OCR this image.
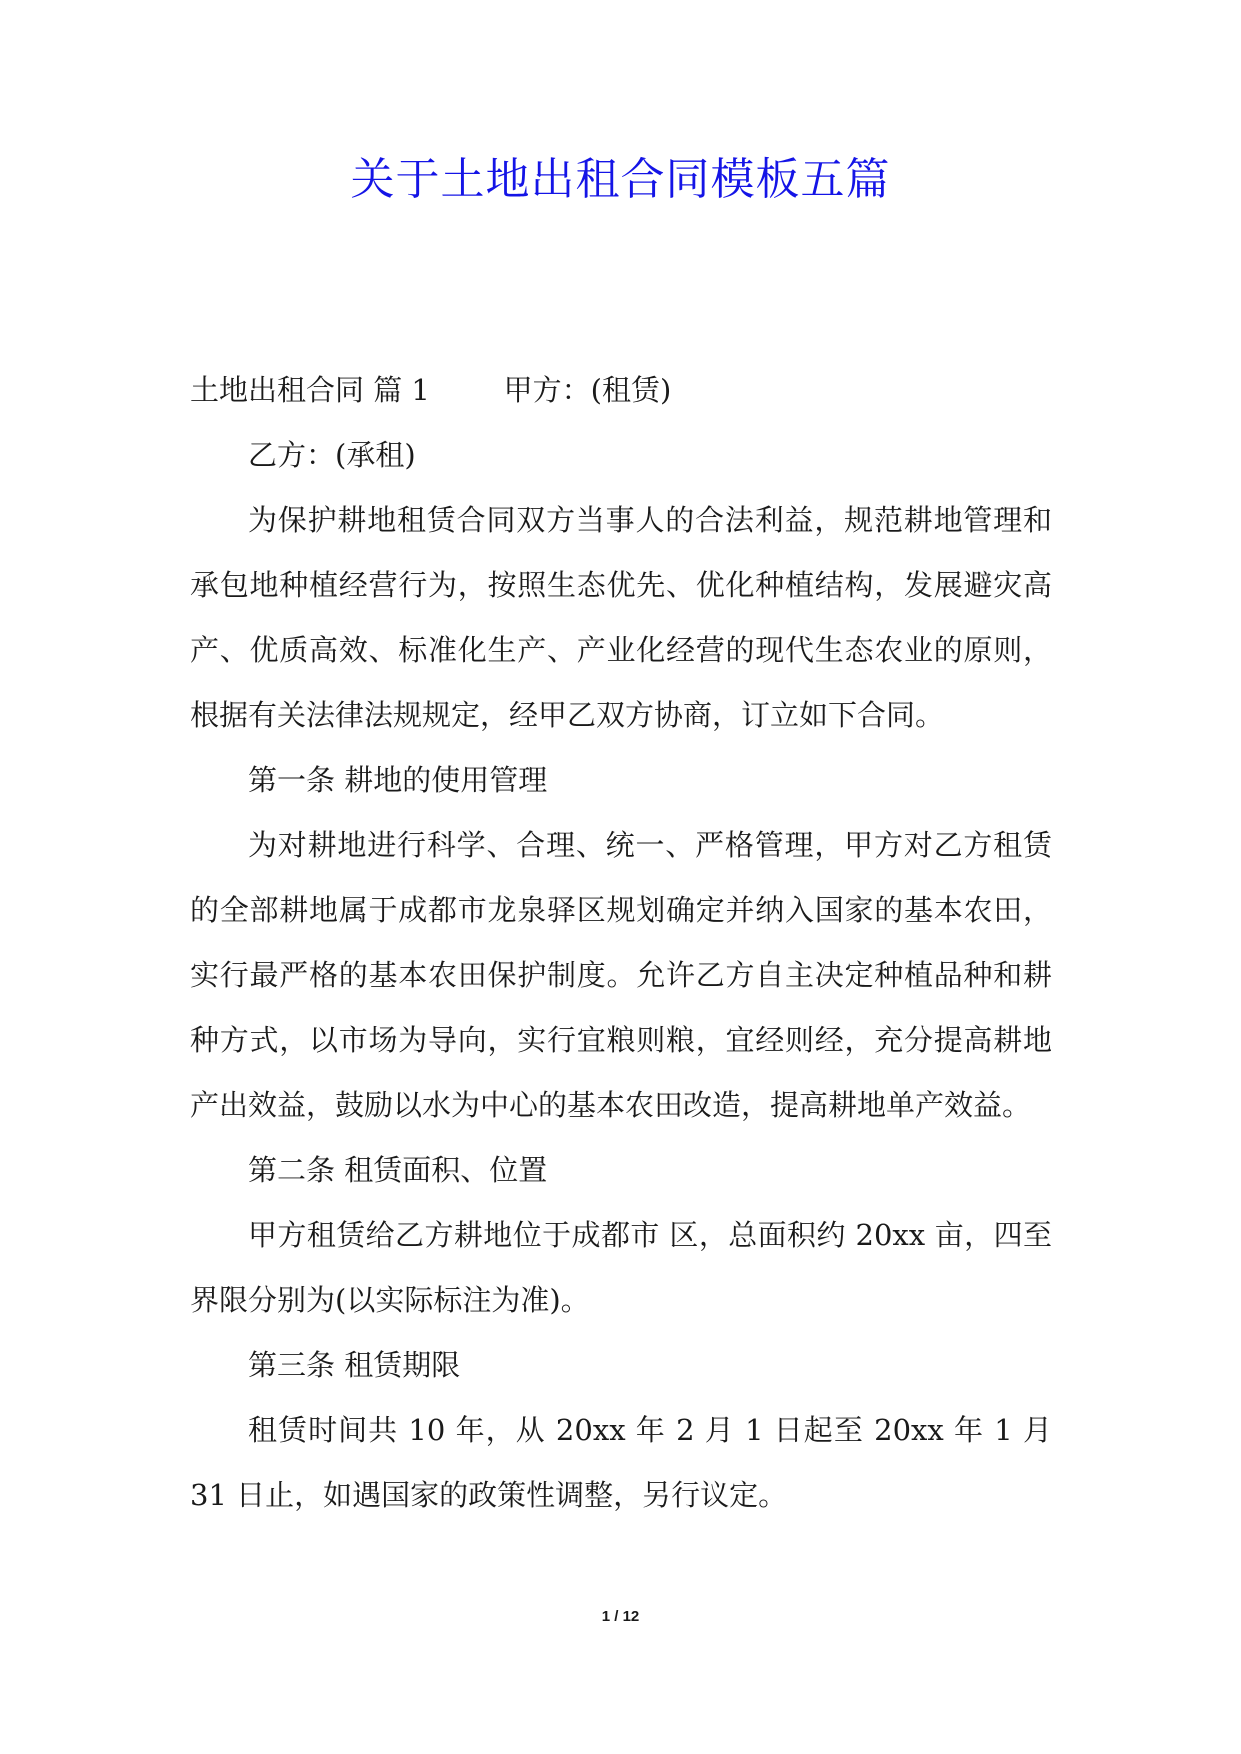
关于土地出租合同模板五篇

土地出租合同 篇 1	甲方：(租赁)

乙方：(承租)

为保护耕地租赁合同双方当事人的合法利益，规范耕地管理和承包地种植经营行为，按照生态优先、优化种植结构，发展避灾高产、优质高效、标准化生产、产业化经营的现代生态农业的原则，根据有关法律法规规定，经甲乙双方协商，订立如下合同。

第一条 耕地的使用管理

为对耕地进行科学、合理、统一、严格管理，甲方对乙方租赁的全部耕地属于成都市龙泉驿区规划确定并纳入国家的基本农田，实行最严格的基本农田保护制度。允许乙方自主决定种植品种和耕种方式，以市场为导向，实行宜粮则粮，宜经则经，充分提高耕地产出效益，鼓励以水为中心的基本农田改造，提高耕地单产效益。

第二条 租赁面积、位置

甲方租赁给乙方耕地位于成都市 区，总面积约 20xx 亩，四至界限分别为(以实际标注为准)。

第三条 租赁期限

租赁时间共 10 年，从 20xx 年 2 月 1 日起至 20xx 年 1 月 31 日止，如遇国家的政策性调整，另行议定。

1 / 12
